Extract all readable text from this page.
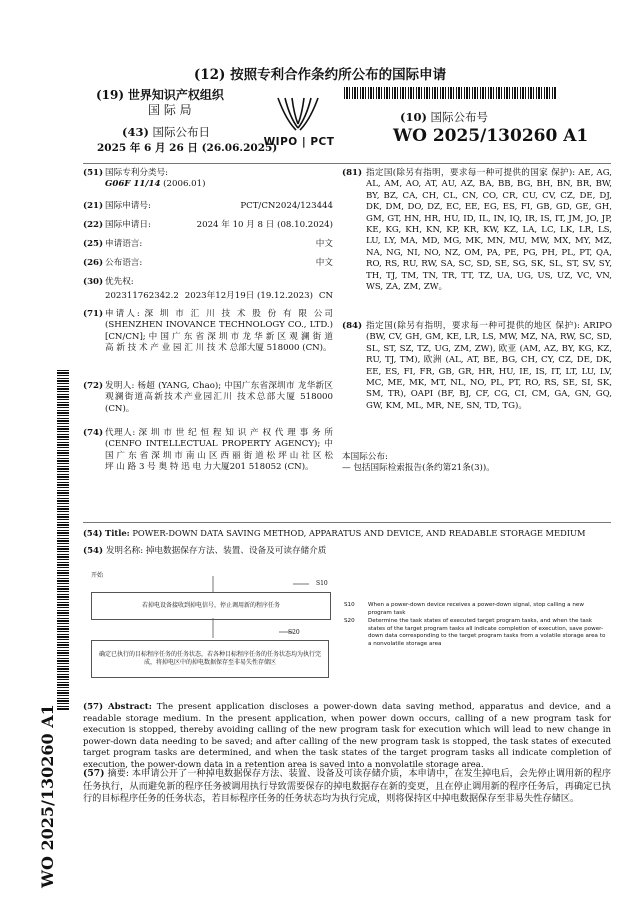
(12) 按照专利合作条约所公布的国际申请
(19) 世界知识产权组织
国 际 局
(43) 国际公布日
2025 年 6 月 26 日 (26.06.2025)
WIPO | PCT
(10) 国际公布号
WO 2025/130260 A1
WO 2025/130260 A1
(51) 国际专利分类号:
G06F 11/14 (2006.01)
(21) 国际申请号:	PCT/CN2024/123444
(22) 国际申请日:	2024 年 10 月 8 日 (08.10.2024)
(25) 申请语言:	中文
(26) 公布语言:	中文
(30) 优先权:
202311762342.2 2023年12月19日 (19.12.2023) CN
(71) 申请人: 深 圳 市 汇 川 技 术 股 份 有 限 公司(SHENZHEN INOVANCE TECHNOLOGY CO., LTD.) [CN/CN]; 中 国 广 东 省 深 圳 市 龙 华 新 区 观 澜 街 道 高 新 技 术 产 业 园 汇 川 技 术 总部大厦 518000 (CN)。
(72) 发明人: 杨超 (YANG, Chao); 中国广东省深圳市 龙华新区观澜街道高新技术产业园汇川 技术总部大厦 518000 (CN)。
(74) 代理人: 深 圳 市 世 纪 恒 程 知 识 产 权 代 理 事 务 所 (CENFO INTELLECTUAL PROPERTY AGENCY); 中 国 广 东 省 深 圳 市 南 山 区 西 丽 街 道 松 坪 山 社 区 松 坪 山 路 3 号 奥 特 迅 电 力大厦201 518052 (CN)。
(81) 指定国(除另有指明，要求每一种可提供的国家 保护): AE, AG, AL, AM, AO, AT, AU, AZ, BA, BB, BG, BH, BN, BR, BW, BY, BZ, CA, CH, CL, CN, CO, CR, CU, CV, CZ, DE, DJ, DK, DM, DO, DZ, EC, EE, EG, ES, FI, GB, GD, GE, GH, GM, GT, HN, HR, HU, ID, IL, IN, IQ, IR, IS, IT, JM, JO, JP, KE, KG, KH, KN, KP, KR, KW, KZ, LA, LC, LK, LR, LS, LU, LY, MA, MD, MG, MK, MN, MU, MW, MX, MY, MZ, NA, NG, NI, NO, NZ, OM, PA, PE, PG, PH, PL, PT, QA, RO, RS, RU, RW, SA, SC, SD, SE, SG, SK, SL, ST, SV, SY, TH, TJ, TM, TN, TR, TT, TZ, UA, UG, US, UZ, VC, VN, WS, ZA, ZM, ZW。
(84) 指定国(除另有指明，要求每一种可提供的地区 保护): ARIPO (BW, CV, GH, GM, KE, LR, LS, MW, MZ, NA, RW, SC, SD, SL, ST, SZ, TZ, UG, ZM, ZW), 欧亚 (AM, AZ, BY, KG, KZ, RU, TJ, TM), 欧洲 (AL, AT, BE, BG, CH, CY, CZ, DE, DK, EE, ES, FI, FR, GB, GR, HR, HU, IE, IS, IT, LT, LU, LV, MC, ME, MK, MT, NL, NO, PL, PT, RO, RS, SE, SI, SK, SM, TR), OAPI (BF, BJ, CF, CG, CI, CM, GA, GN, GQ, GW, KM, ML, MR, NE, SN, TD, TG)。
本国际公布:
— 包括国际检索报告(条约第21条(3))。
(54) Title: POWER-DOWN DATA SAVING METHOD, APPARATUS AND DEVICE, AND READABLE STORAGE MEDIUM
(54) 发明名称: 掉电数据保存方法、装置、设备及可读存储介质
开始
S10
若掉电设备接收到掉电信号，停止调用新的程序任务
S20
确定已执行的目标程序任务的任务状态，若各种目标程序任务的任务状态均为执行完成，将掉电区中的掉电数据保存至非易失性存储区
S10	When a power-down device receives a power-down signal, stop calling a new program task
S20	Determine the task states of executed target program tasks, and when the task states of the target program tasks all indicate completion of execution, save power-down data corresponding to the target program tasks from a volatile storage area to a nonvolatile storage area
(57) Abstract: The present application discloses a power-down data saving method, apparatus and device, and a readable storage medium. In the present application, when power down occurs, calling of a new program task for execution is stopped, thereby avoiding calling of the new program task for execution which will lead to new change in power-down data needing to be saved; and after calling of the new program task is stopped, the task states of executed target program tasks are determined, and when the task states of the target program tasks all indicate completion of execution, the power-down data in a retention area is saved into a nonvolatile storage area.
(57) 摘要: 本申请公开了一种掉电数据保存方法、装置、设备及可读存储介质，本申请中，在发生掉电后，会先停止调用新的程序任务执行，从而避免新的程序任务被调用执行导致需要保存的掉电数据存在新的变更，且在停止调用新的程序任务后，再确定已执行的目标程序任务的任务状态，若目标程序任务的任务状态均为执行完成，则将保持区中掉电数据保存至非易失性存储区。
